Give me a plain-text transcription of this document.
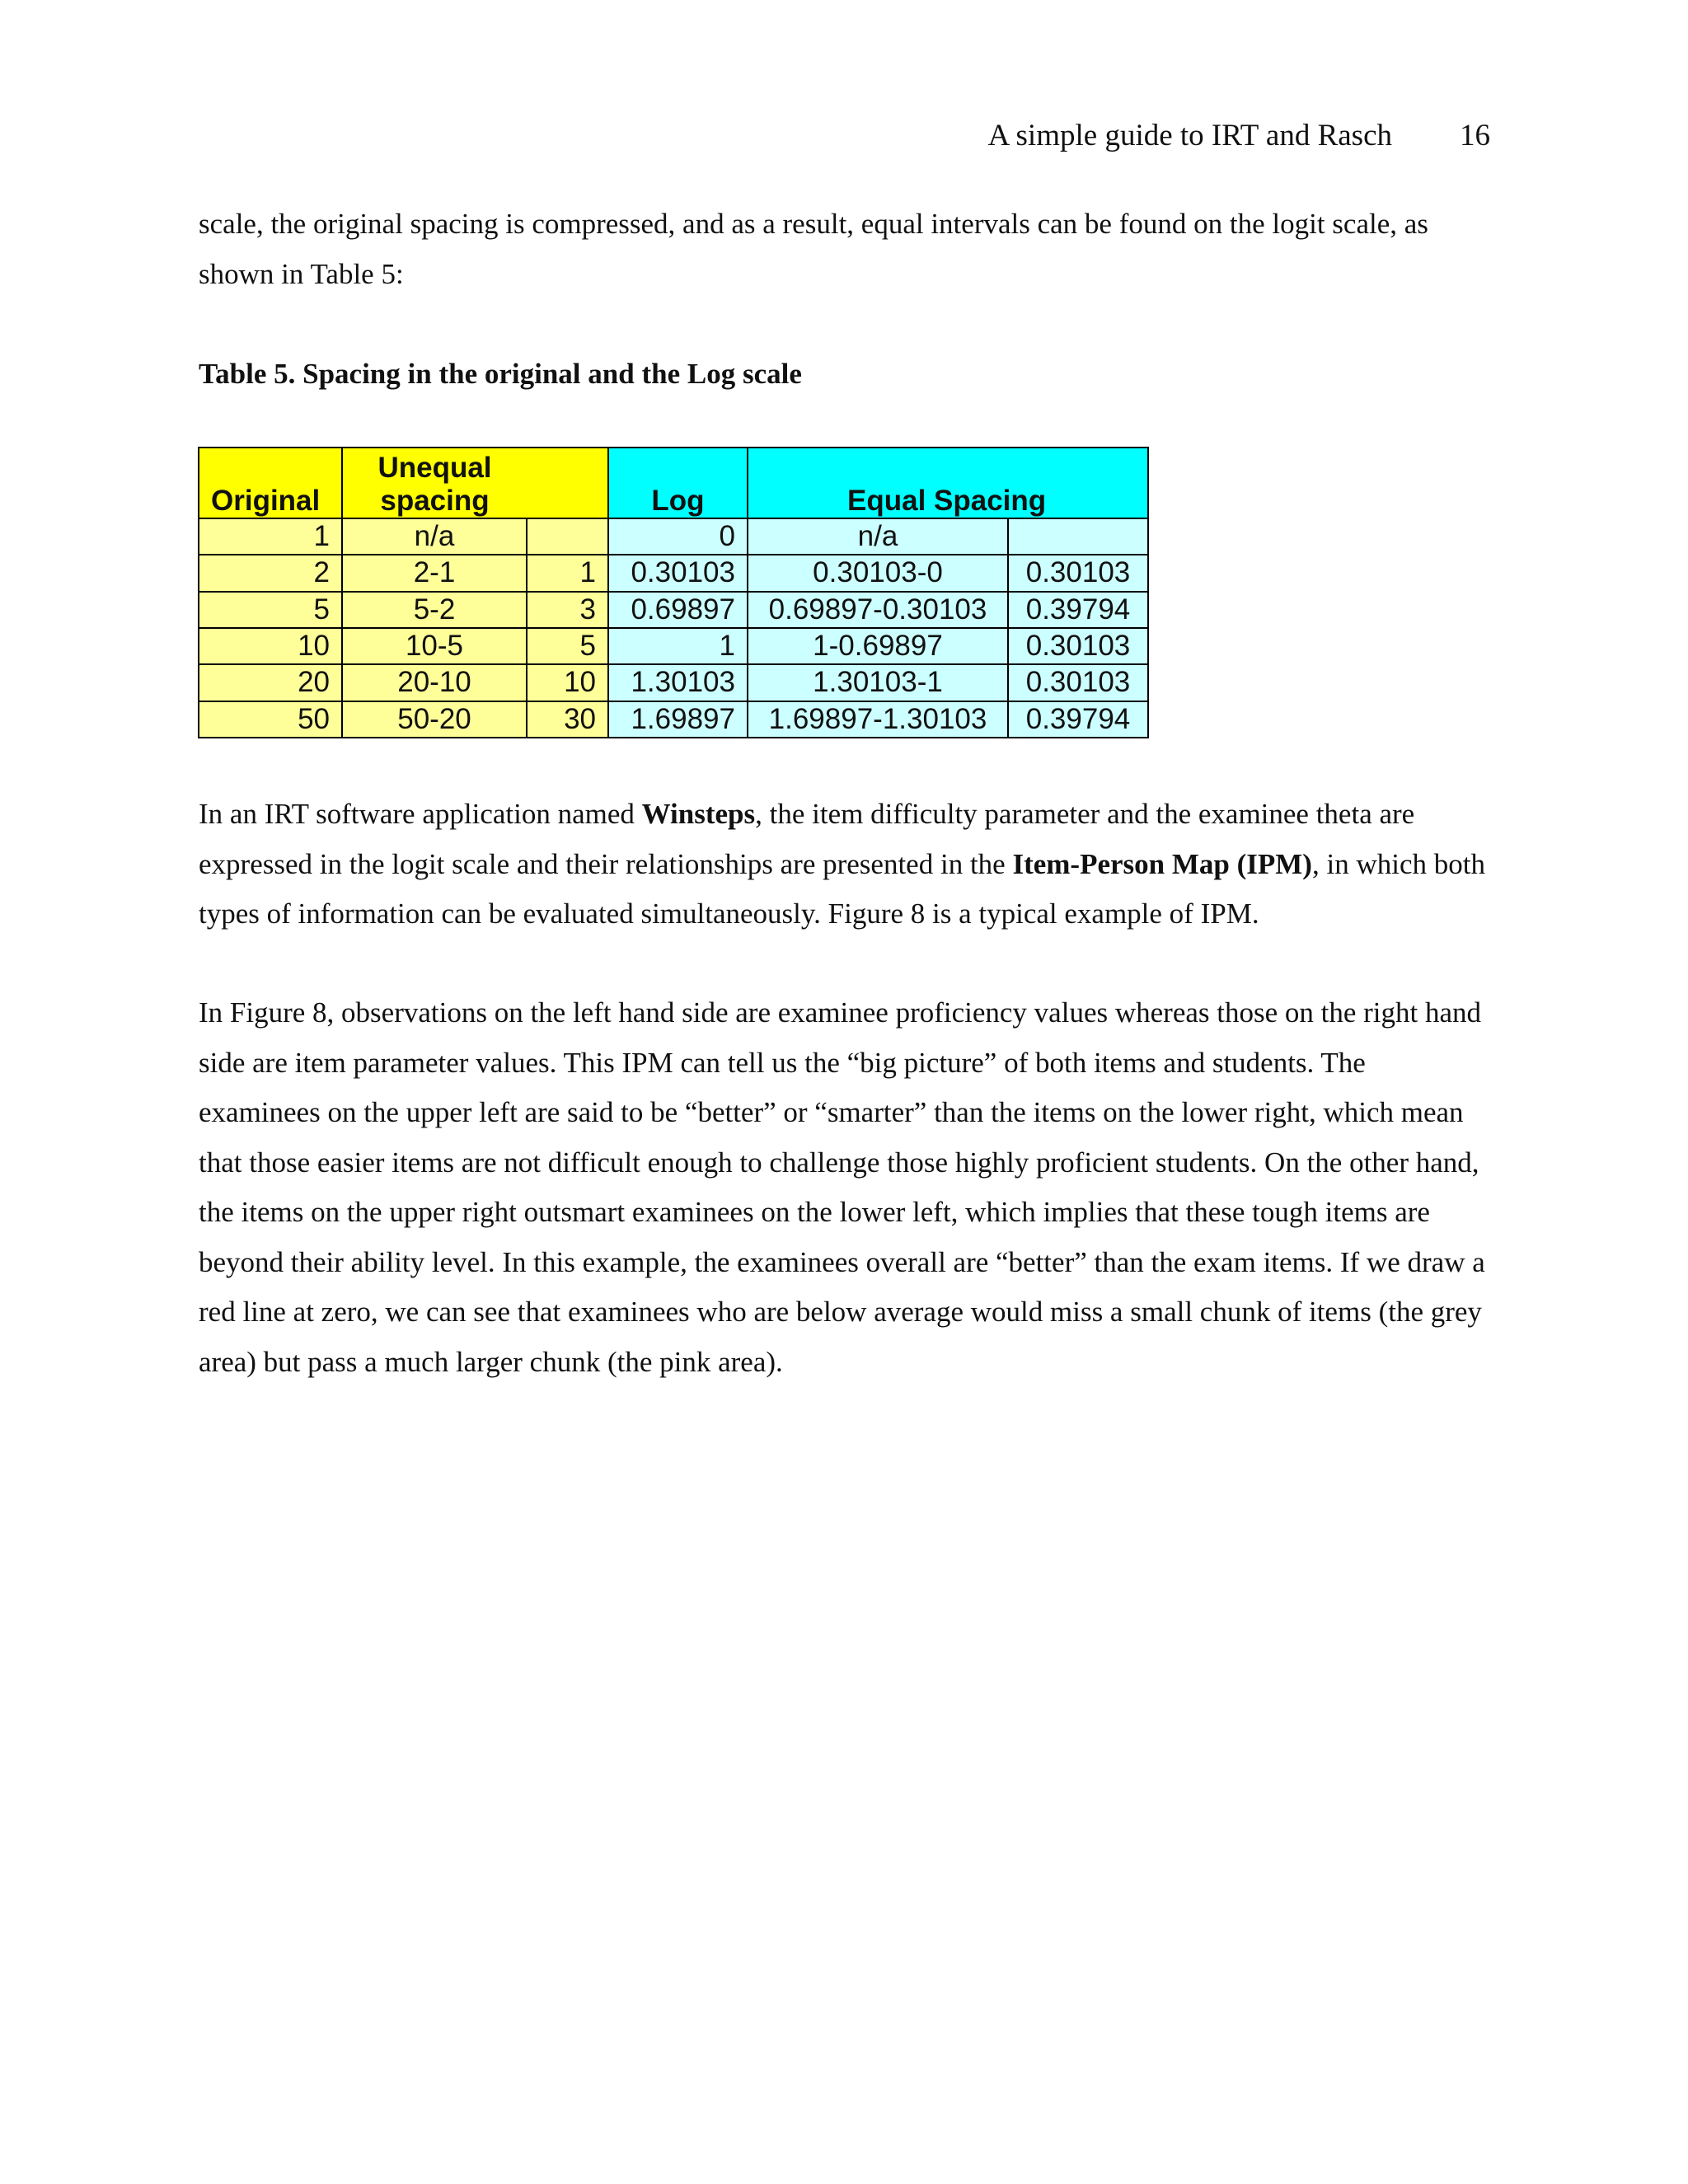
A simple guide to IRT and Rasch 16

scale, the original spacing is compressed, and as a result, equal intervals can be found on the logit scale, as shown in Table 5:

Table 5. Spacing in the original and the Log scale

Original	Unequal spacing		Log	Equal Spacing	
1	n/a		0	n/a	
2	2-1	1	0.30103	0.30103-0	0.30103
5	5-2	3	0.69897	0.69897-0.30103	0.39794
10	10-5	5	1	1-0.69897	0.30103
20	20-10	10	1.30103	1.30103-1	0.30103
50	50-20	30	1.69897	1.69897-1.30103	0.39794

In an IRT software application named Winsteps, the item difficulty parameter and the examinee theta are expressed in the logit scale and their relationships are presented in the Item-Person Map (IPM), in which both types of information can be evaluated simultaneously. Figure 8 is a typical example of IPM.

In Figure 8, observations on the left hand side are examinee proficiency values whereas those on the right hand side are item parameter values. This IPM can tell us the “big picture” of both items and students. The examinees on the upper left are said to be “better” or “smarter” than the items on the lower right, which mean that those easier items are not difficult enough to challenge those highly proficient students. On the other hand, the items on the upper right outsmart examinees on the lower left, which implies that these tough items are beyond their ability level. In this example, the examinees overall are “better” than the exam items. If we draw a red line at zero, we can see that examinees who are below average would miss a small chunk of items (the grey area) but pass a much larger chunk (the pink area).
